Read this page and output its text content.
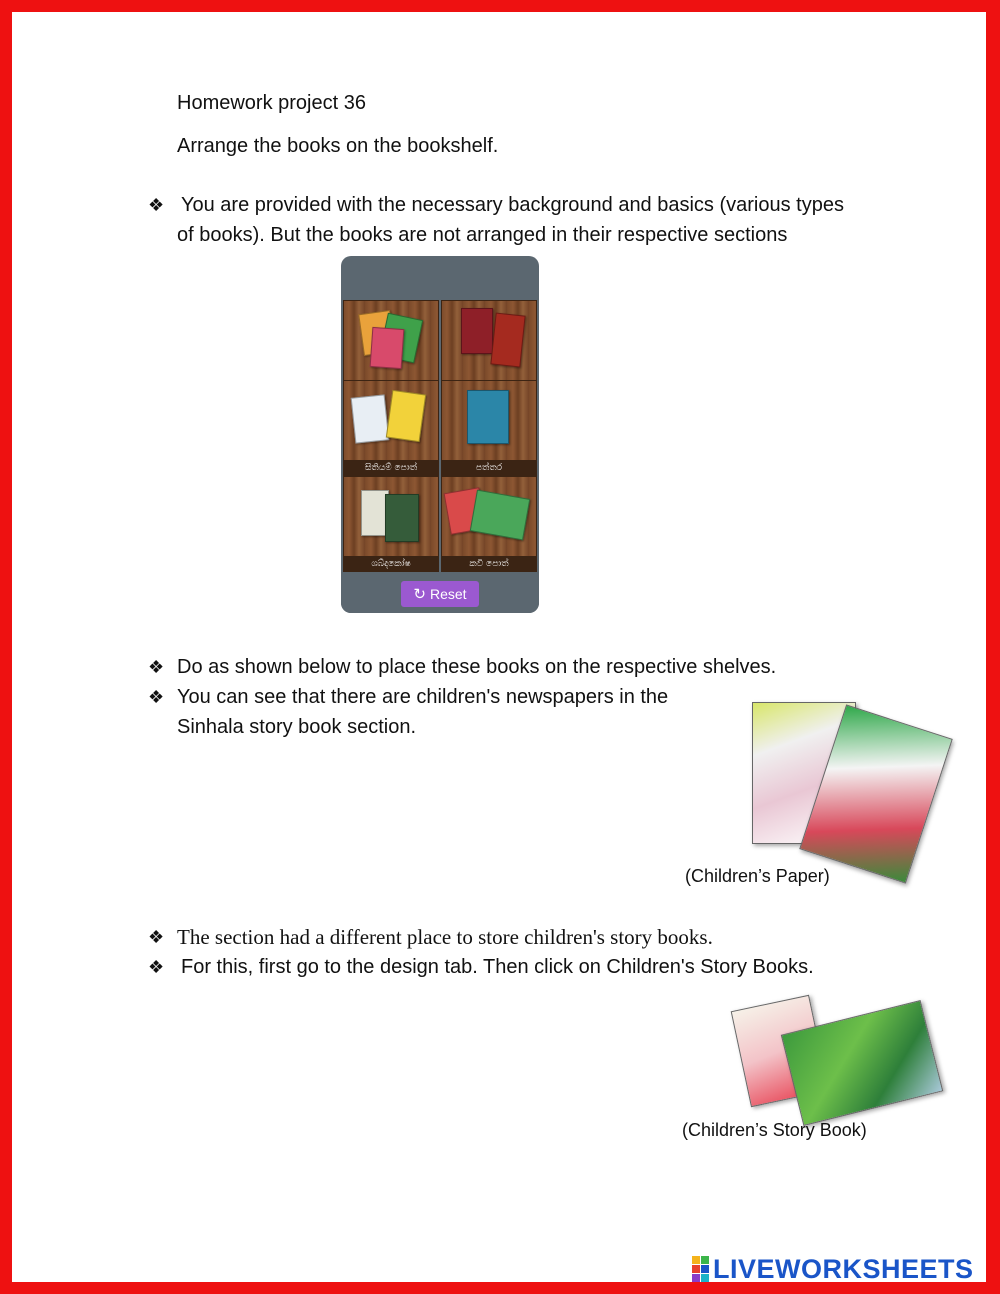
Homework project 36
Arrange the books on the bookshelf.
❖ You are provided with the necessary background and basics (various types
of books). But the books are not arranged in their respective sections
සිතියම් පොත්	පත්තර
ශබ්දකෝෂ	කවි පොත්
↻ Reset
❖ Do as shown below to place these books on the respective shelves.
❖ You can see that there are children's newspapers in the
Sinhala story book section.
(Children’s Paper)
❖ The section had a different place to store children's story books.
❖ For this, first go to the design tab. Then click on Children's Story Books.
(Children’s Story Book)
LIVEWORKSHEETS
